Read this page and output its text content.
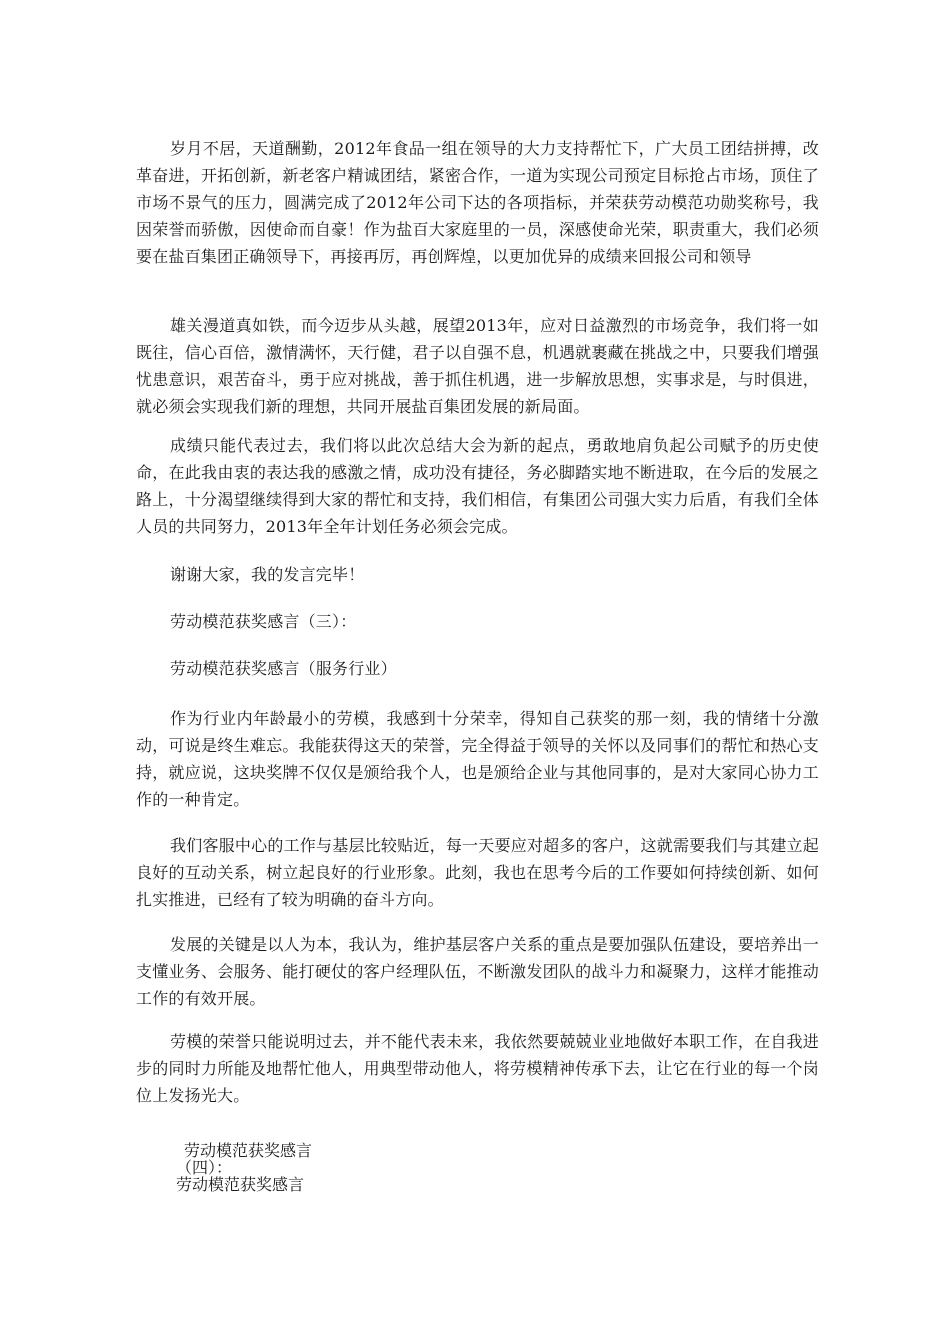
岁月不居，天道酬勤，2012年食品一组在领导的大力支持帮忙下，广大员工团结拼搏，改革奋进，开拓创新，新老客户精诚团结，紧密合作，一道为实现公司预定目标抢占市场，顶住了市场不景气的压力，圆满完成了2012年公司下达的各项指标，并荣获劳动模范功勋奖称号，我因荣誉而骄傲，因使命而自豪！作为盐百大家庭里的一员，深感使命光荣，职责重大，我们必须要在盐百集团正确领导下，再接再厉，再创辉煌，以更加优异的成绩来回报公司和领导

雄关漫道真如铁，而今迈步从头越，展望2013年，应对日益激烈的市场竞争，我们将一如既往，信心百倍，激情满怀，天行健，君子以自强不息，机遇就裹藏在挑战之中，只要我们增强忧患意识，艰苦奋斗，勇于应对挑战，善于抓住机遇，进一步解放思想，实事求是，与时俱进，就必须会实现我们新的理想，共同开展盐百集团发展的新局面。

成绩只能代表过去，我们将以此次总结大会为新的起点，勇敢地肩负起公司赋予的历史使命，在此我由衷的表达我的感激之情，成功没有捷径，务必脚踏实地不断进取，在今后的发展之路上，十分渴望继续得到大家的帮忙和支持，我们相信，有集团公司强大实力后盾，有我们全体人员的共同努力，2013年全年计划任务必须会完成。

谢谢大家，我的发言完毕！

劳动模范获奖感言（三）：

劳动模范获奖感言（服务行业）

作为行业内年龄最小的劳模，我感到十分荣幸，得知自己获奖的那一刻，我的情绪十分激动，可说是终生难忘。我能获得这天的荣誉，完全得益于领导的关怀以及同事们的帮忙和热心支持，就应说，这块奖牌不仅仅是颁给我个人，也是颁给企业与其他同事的，是对大家同心协力工作的一种肯定。

我们客服中心的工作与基层比较贴近，每一天要应对超多的客户，这就需要我们与其建立起良好的互动关系，树立起良好的行业形象。此刻，我也在思考今后的工作要如何持续创新、如何扎实推进，已经有了较为明确的奋斗方向。

发展的关键是以人为本，我认为，维护基层客户关系的重点是要加强队伍建设，要培养出一支懂业务、会服务、能打硬仗的客户经理队伍，不断激发团队的战斗力和凝聚力，这样才能推动工作的有效开展。

劳模的荣誉只能说明过去，并不能代表未来，我依然要兢兢业业地做好本职工作，在自我进步的同时力所能及地帮忙他人，用典型带动他人，将劳模精神传承下去，让它在行业的每一个岗位上发扬光大。

劳动模范获奖感言
（四）：
劳动模范获奖感言
